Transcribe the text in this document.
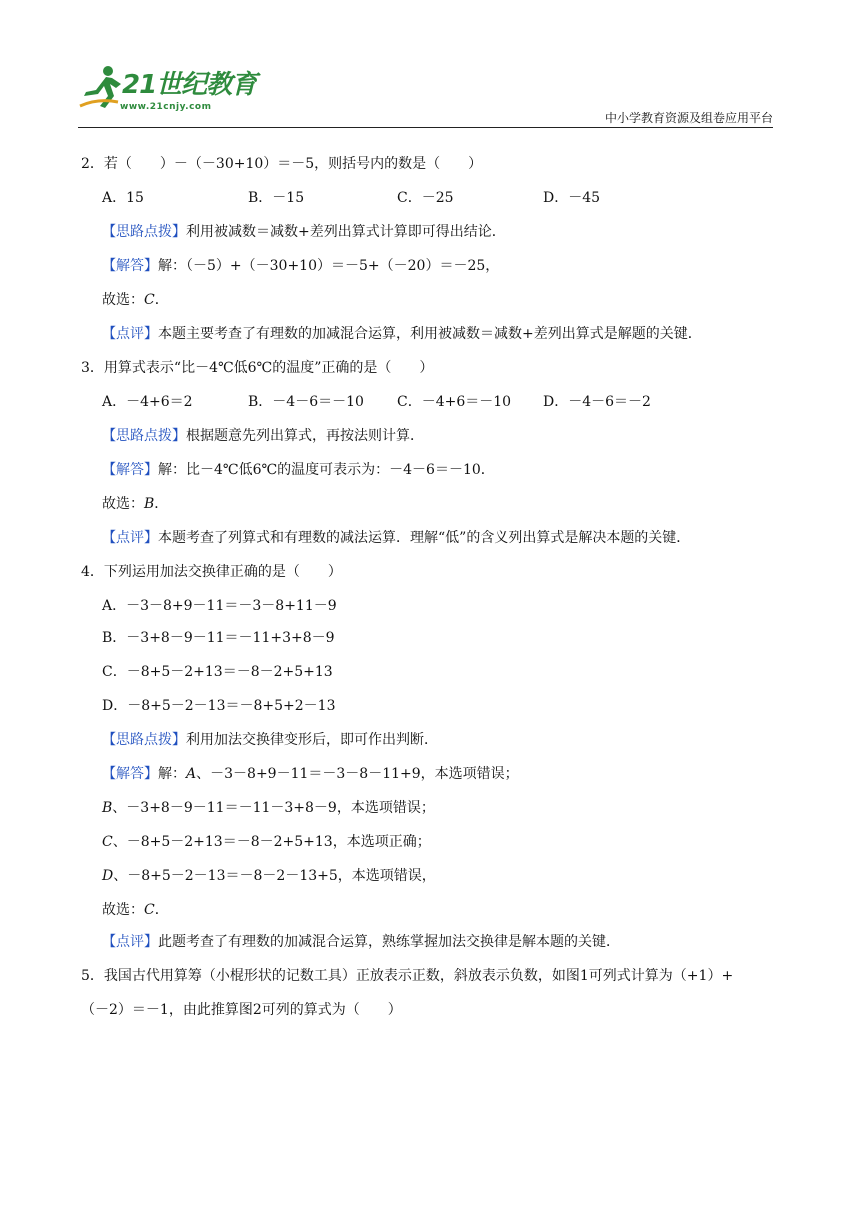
21世纪教育
www.21cnjy.com
中小学教育资源及组卷应用平台
2．若（　　）－（－30+10）＝－5，则括号内的数是（　　）
A．15	B．－15	C．－25	D．－45
【思路点拨】利用被减数＝减数+差列出算式计算即可得出结论．
【解答】解：（－5）+（－30+10）＝－5+（－20）＝－25，
故选：C．
【点评】本题主要考查了有理数的加减混合运算，利用被减数＝减数+差列出算式是解题的关键．
3．用算式表示“比－4℃低6℃的温度”正确的是（　　）
A．－4+6＝2	B．－4－6＝－10 C．－4+6＝－10 D．－4－6＝－2
【思路点拨】根据题意先列出算式，再按法则计算．
【解答】解：比－4℃低6℃的温度可表示为：－4－6＝－10．
故选：B．
【点评】本题考查了列算式和有理数的减法运算．理解“低”的含义列出算式是解决本题的关键．
4．下列运用加法交换律正确的是（　　）
A．－3－8+9－11＝－3－8+11－9
B．－3+8－9－11＝－11+3+8－9
C．－8+5－2+13＝－8－2+5+13
D．－8+5－2－13＝－8+5+2－13
【思路点拨】利用加法交换律变形后，即可作出判断．
【解答】解：A、－3－8+9－11＝－3－8－11+9，本选项错误；
B、－3+8－9－11＝－11－3+8－9，本选项错误；
C、－8+5－2+13＝－8－2+5+13，本选项正确；
D、－8+5－2－13＝－8－2－13+5，本选项错误，
故选：C．
【点评】此题考查了有理数的加减混合运算，熟练掌握加法交换律是解本题的关键．
5．我国古代用算筹（小棍形状的记数工具）正放表示正数，斜放表示负数，如图1可列式计算为（+1）+
（－2）＝－1，由此推算图2可列的算式为（　　）
